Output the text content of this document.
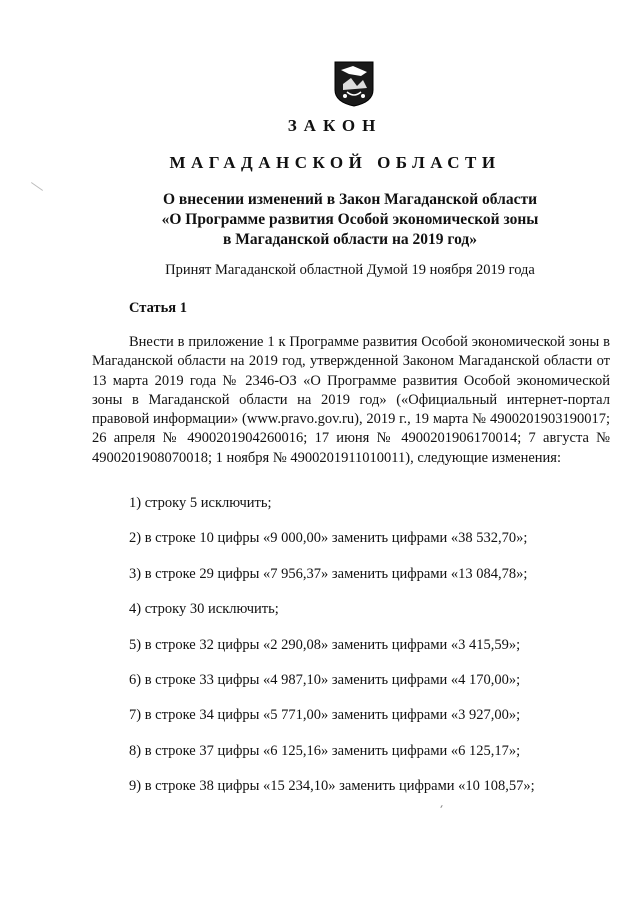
ЗАКОН
МАГАДАНСКОЙ ОБЛАСТИ
О внесении изменений в Закон Магаданской области
«О Программе развития Особой экономической зоны
в Магаданской области на 2019 год»
Принят Магаданской областной Думой 19 ноября 2019 года
Статья 1
Внести в приложение 1 к Программе развития Особой экономической зоны в Магаданской области на 2019 год, утвержденной Законом Магаданской области от 13 марта 2019 года № 2346-ОЗ «О Программе развития Особой экономической зоны в Магаданской области на 2019 год» («Официальный интернет-портал правовой информации» (www.pravo.gov.ru), 2019 г., 19 марта № 4900201903190017; 26 апреля № 4900201904260016; 17 июня № 4900201906170014; 7 августа № 4900201908070018; 1 ноября № 4900201911010011), следующие изменения:
1) строку 5 исключить;
2) в строке 10 цифры «9 000,00» заменить цифрами «38 532,70»;
3) в строке 29 цифры «7 956,37» заменить цифрами «13 084,78»;
4) строку 30 исключить;
5) в строке 32 цифры «2 290,08» заменить цифрами «3 415,59»;
6) в строке 33 цифры «4 987,10» заменить цифрами «4 170,00»;
7) в строке 34 цифры «5 771,00» заменить цифрами «3 927,00»;
8) в строке 37 цифры «6 125,16» заменить цифрами «6 125,17»;
9) в строке 38 цифры «15 234,10» заменить цифрами «10 108,57»;
